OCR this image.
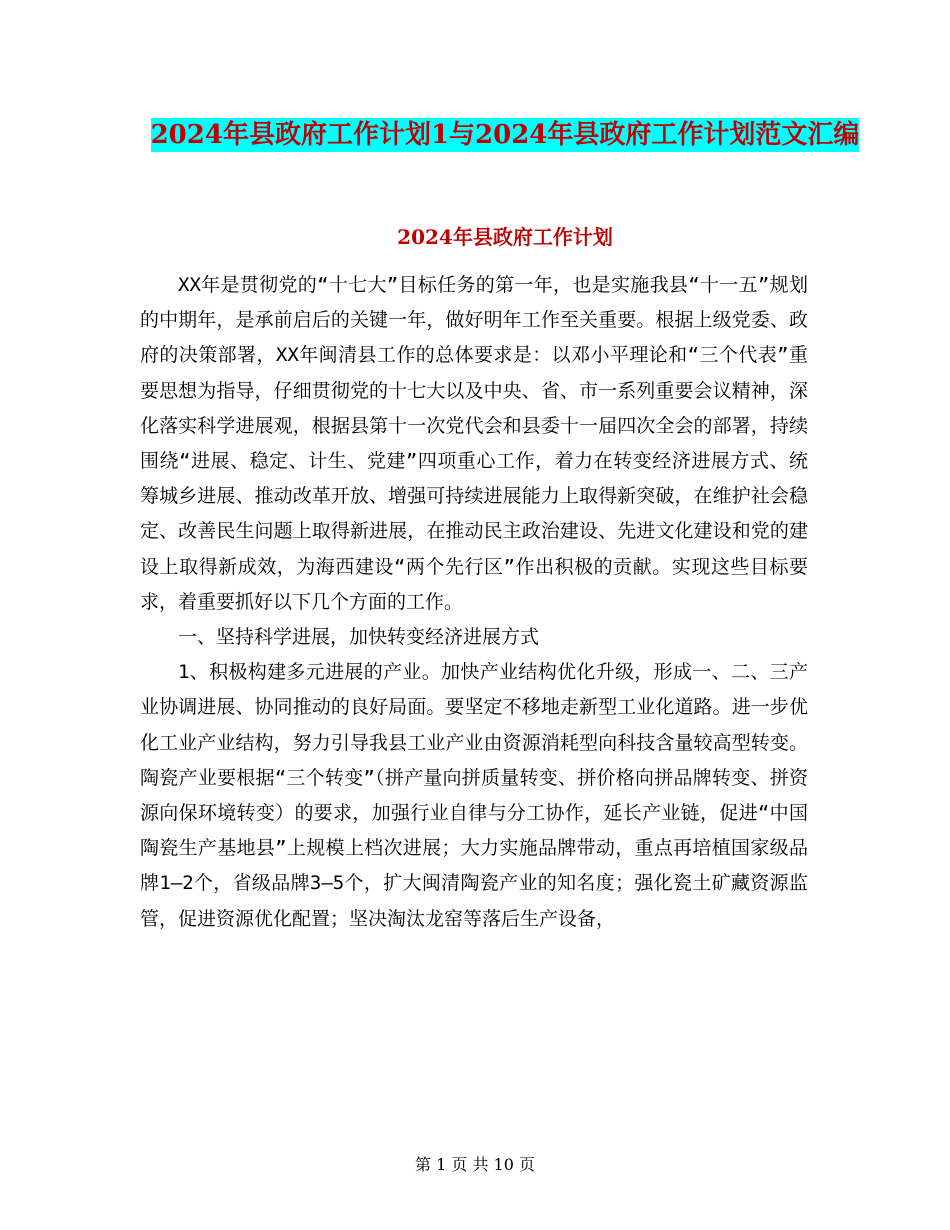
2024年县政府工作计划1与2024年县政府工作计划范文汇编
2024年县政府工作计划

XX年是贯彻党的“十七大”目标任务的第一年，也是实施我县“十一五”规划的中期年，是承前启后的关键一年，做好明年工作至关重要。根据上级党委、政府的决策部署，XX年闽清县工作的总体要求是：以邓小平理论和“三个代表”重要思想为指导，仔细贯彻党的十七大以及中央、省、市一系列重要会议精神，深化落实科学进展观，根据县第十一次党代会和县委十一届四次全会的部署，持续围绕“进展、稳定、计生、党建”四项重心工作，着力在转变经济进展方式、统筹城乡进展、推动改革开放、增强可持续进展能力上取得新突破，在维护社会稳定、改善民生问题上取得新进展，在推动民主政治建设、先进文化建设和党的建设上取得新成效，为海西建设“两个先行区”作出积极的贡献。实现这些目标要求，着重要抓好以下几个方面的工作。

一、坚持科学进展，加快转变经济进展方式

1、积极构建多元进展的产业。加快产业结构优化升级，形成一、二、三产业协调进展、协同推动的良好局面。要坚定不移地走新型工业化道路。进一步优化工业产业结构，努力引导我县工业产业由资源消耗型向科技含量较高型转变。陶瓷产业要根据“三个转变”（拼产量向拼质量转变、拼价格向拼品牌转变、拼资源向保环境转变）的要求，加强行业自律与分工协作，延长产业链，促进“中国陶瓷生产基地县”上规模上档次进展；大力实施品牌带动，重点再培植国家级品牌1—2个，省级品牌3—5个，扩大闽清陶瓷产业的知名度；强化瓷土矿藏资源监管，促进资源优化配置；坚决淘汰龙窑等落后生产设备，

第 1 页 共 10 页
